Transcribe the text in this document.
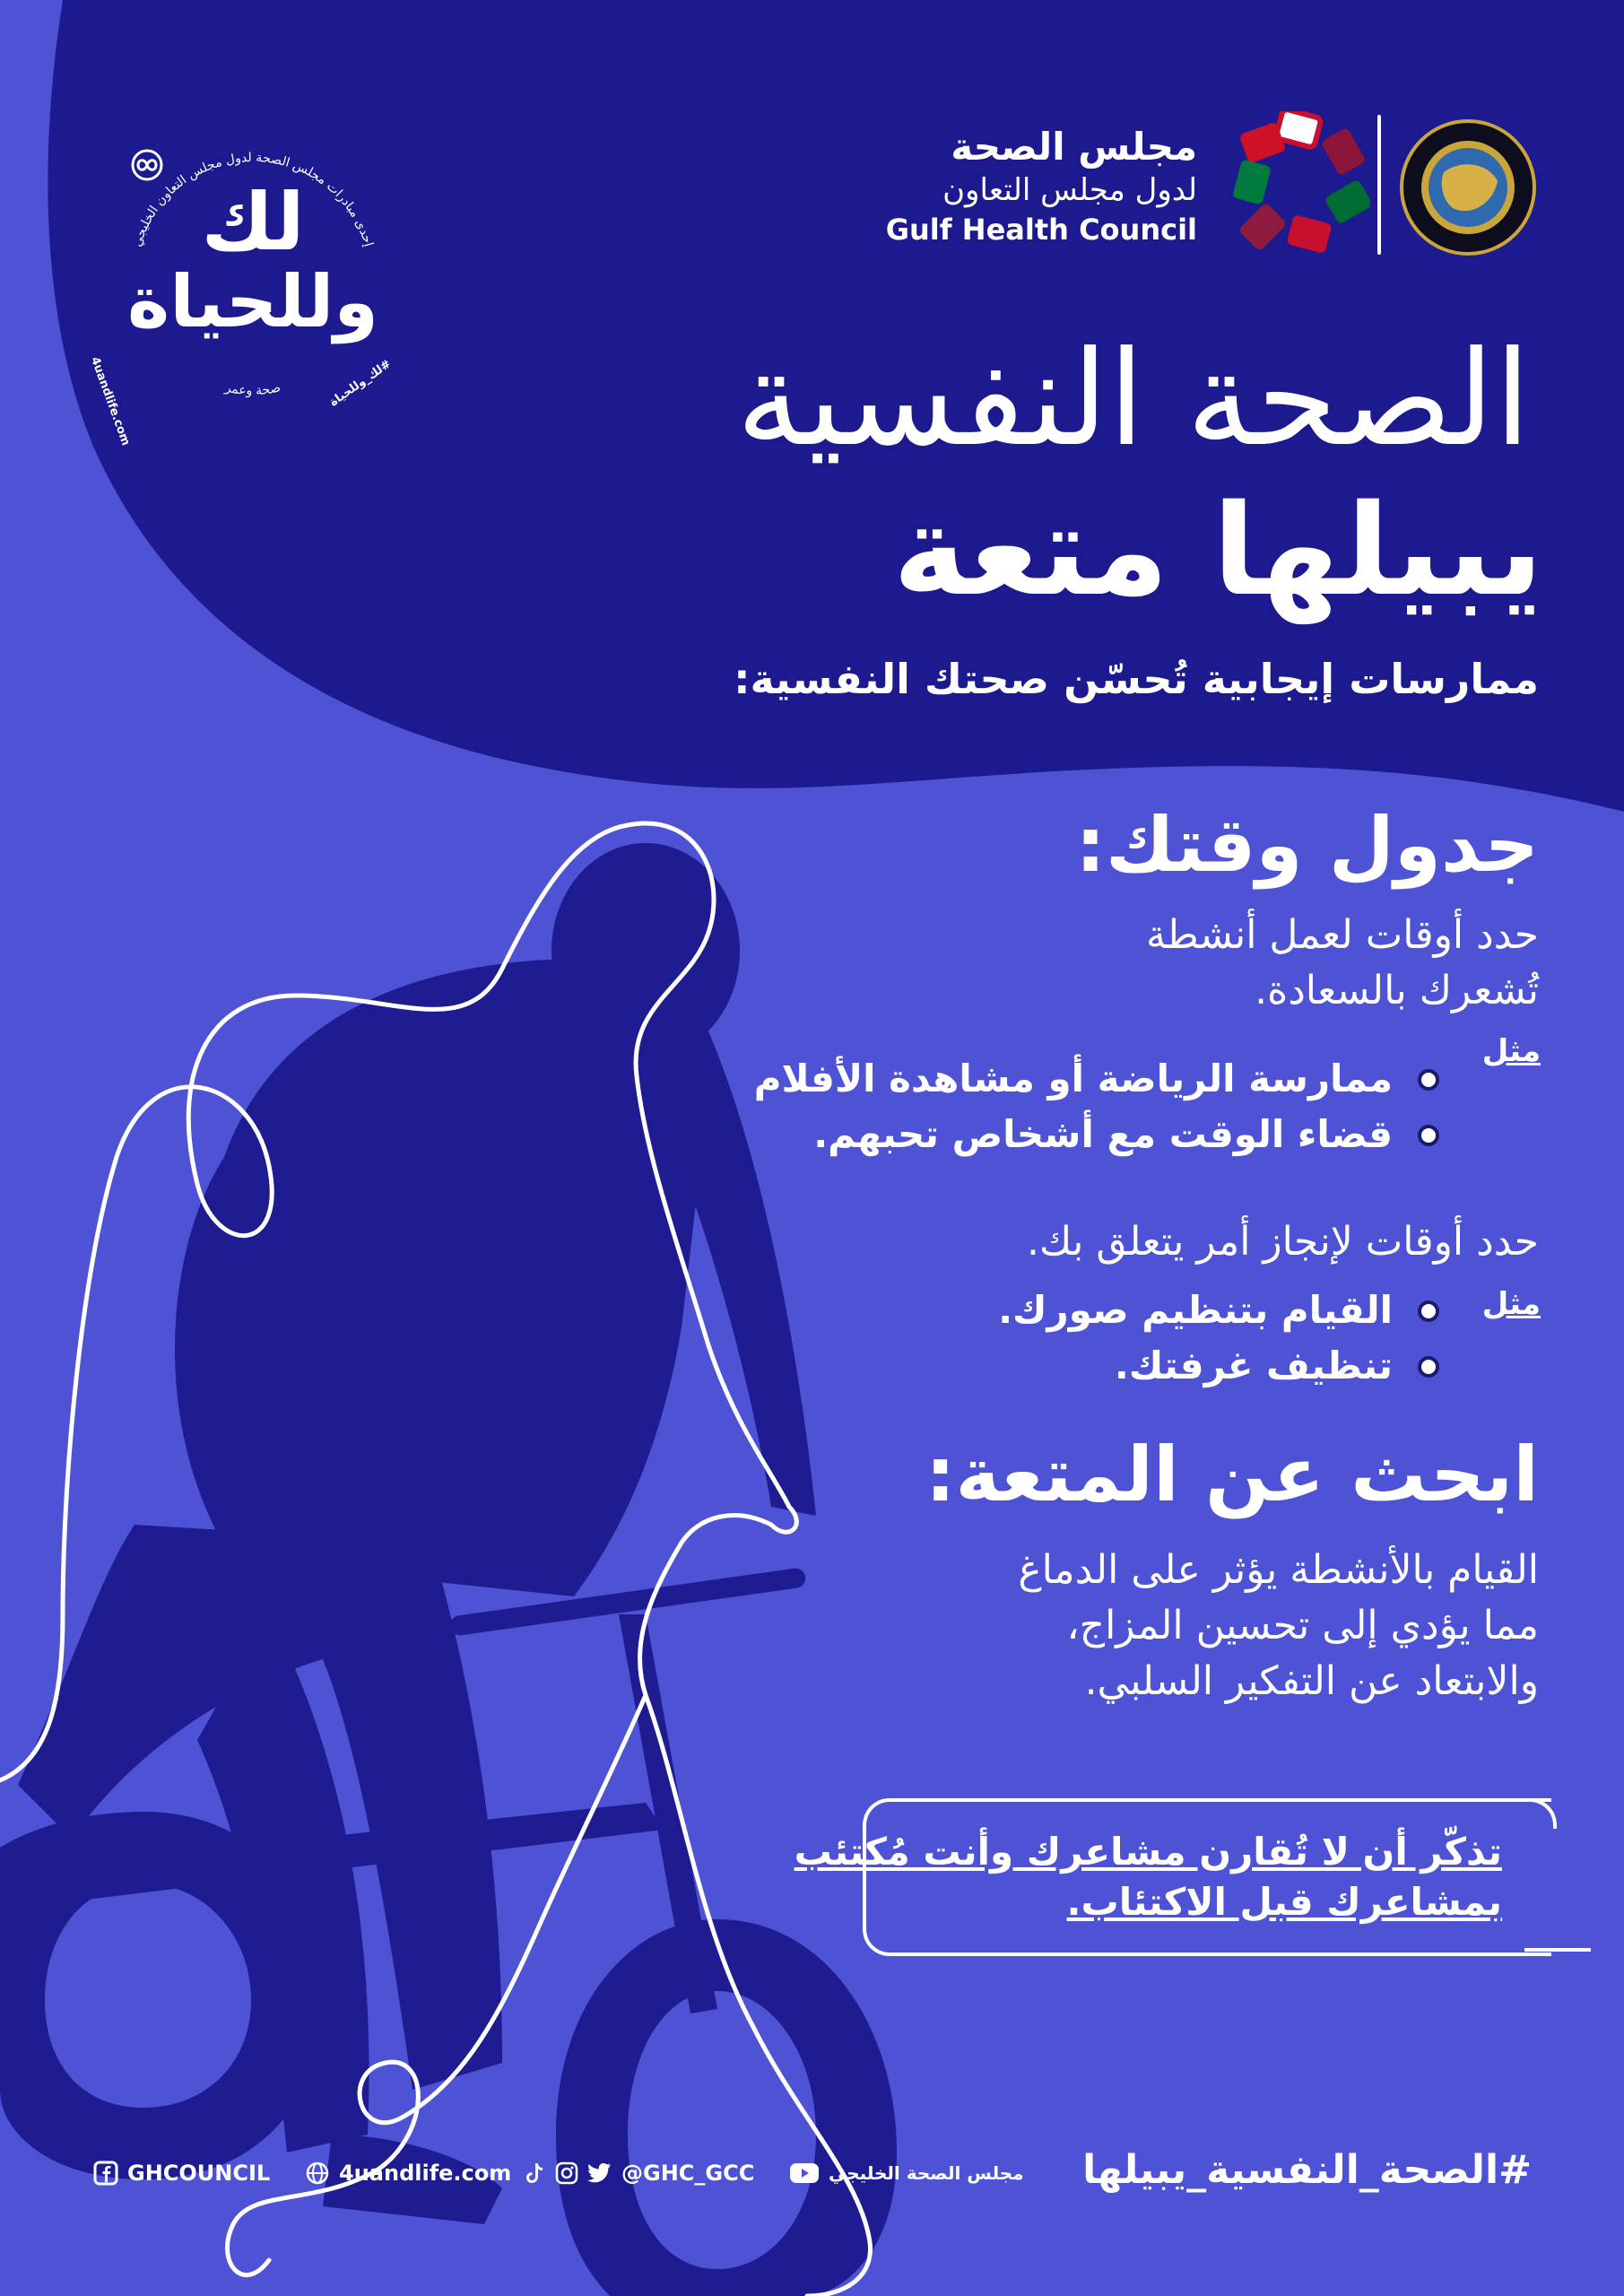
مجلس الصحة
لدول مجلس التعاون
Gulf Health Council
إحدى مبادرات مجلس الصحة لدول مجلس التعاون الخليجي
صحة وعمر
4uandlife.com	#لك_وللحياة
لك
وللحياة
الصحة النفسية
يبيلها متعة
ممارسات إيجابية تُحسّن صحتك النفسية:
جدول وقتك:
حدد أوقات لعمل أنشطة
تُشعرك بالسعادة.
مثل
ممارسة الرياضة أو مشاهدة الأفلام
قضاء الوقت مع أشخاص تحبهم.
حدد أوقات لإنجاز أمر يتعلق بك.
مثل
القيام بتنظيم صورك.
تنظيف غرفتك.
ابحث عن المتعة:
القيام بالأنشطة يؤثر على الدماغ
مما يؤدي إلى تحسين المزاج،
والابتعاد عن التفكير السلبي.
تذكّر أن لا تُقارن مشاعرك وأنت مُكتئب
بمشاعرك قبل الاكتئاب.
#الصحة_النفسية_يبيلها
GHCOUNCIL	4uandlife.com	@GHC_GCC	مجلس الصحة الخليجي
